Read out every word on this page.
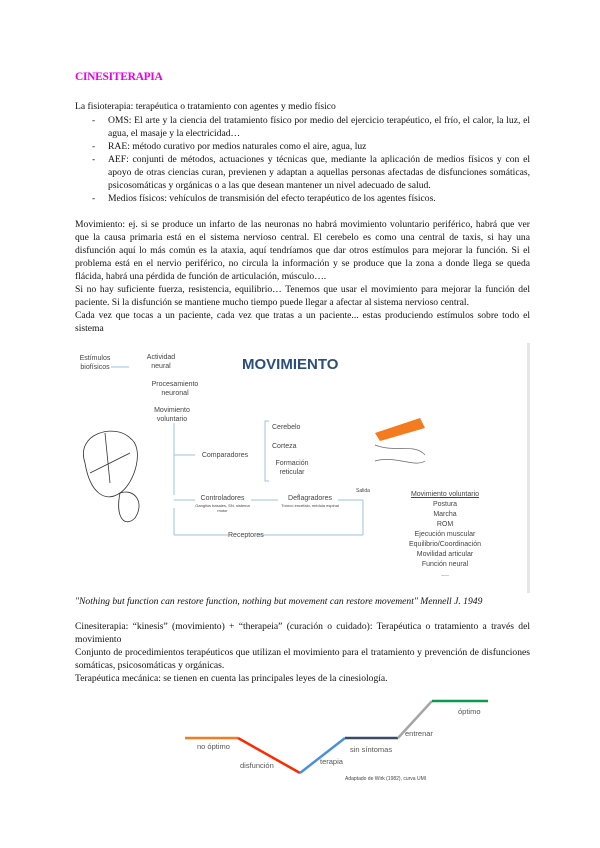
CINESITERAPIA
La fisioterapia: terapéutica o tratamiento con agentes y medio físico
- OMS: El arte y la ciencia del tratamiento físico por medio del ejercicio terapéutico, el frío, el calor, la luz, el agua, el masaje y la electricidad…
- RAE: método curativo por medios naturales como el aire, agua, luz
- AEF: conjunti de métodos, actuaciones y técnicas que, mediante la aplicación de medios físicos y con el apoyo de otras ciencias curan, previenen y adaptan a aquellas personas afectadas de disfunciones somáticas, psicosomáticas y orgánicas o a las que desean mantener un nivel adecuado de salud.
- Medios físicos: vehículos de transmisión del efecto terapéutico de los agentes físicos.
Movimiento: ej. si se produce un infarto de las neuronas no habrá movimiento voluntario periférico, habrá que ver que la causa primaria está en el sistema nervioso central. El cerebelo es como una central de taxis, si hay una disfunción aquí lo más común es la ataxia, aquí tendríamos que dar otros estímulos para mejorar la función. Si el problema está en el nervio periférico, no circula la información y se produce que la zona a donde llega se queda flácida, habrá una pérdida de función de articulación, músculo….
Si no hay suficiente fuerza, resistencia, equilibrio… Tenemos que usar el movimiento para mejorar la función del paciente. Si la disfunción se mantiene mucho tiempo puede llegar a afectar al sistema nervioso central.
Cada vez que tocas a un paciente, cada vez que tratas a un paciente... estas produciendo estímulos sobre todo el sistema
MOVIMIENTO
Estímulos biofísicos
Actividad neural
Procesamiento neuronal
Movimiento voluntario
Comparadores
Cerebelo
Corteza
Formación reticular
Controladores
Ganglios basales, SN, sistema motor
Deflagradores
Tronco encéfalo, médula espinal
Salida
Receptores
Movimiento voluntario
Postura
Marcha
ROM
Ejecución muscular
Equilibrio/Coordinación
Movilidad articular
Función neural
....
"Nothing but function can restore function, nothing but movement can restore movement" Mennell J. 1949
Cinesiterapia: “kinesis” (movimiento) + “therapeia” (curación o cuidado): Terapéutica o tratamiento a través del movimiento
Conjunto de procedimientos terapéuticos que utilizan el movimiento para el tratamiento y prevención de disfunciones somáticas, psicosomáticas y orgánicas.
Terapéutica mecánica: se tienen en cuenta las principales leyes de la cinesiología.
no óptimo
disfunción	terapia
sin síntomas
entrenar
óptimo
Adaptado de Wirk (1982), curva UMI
